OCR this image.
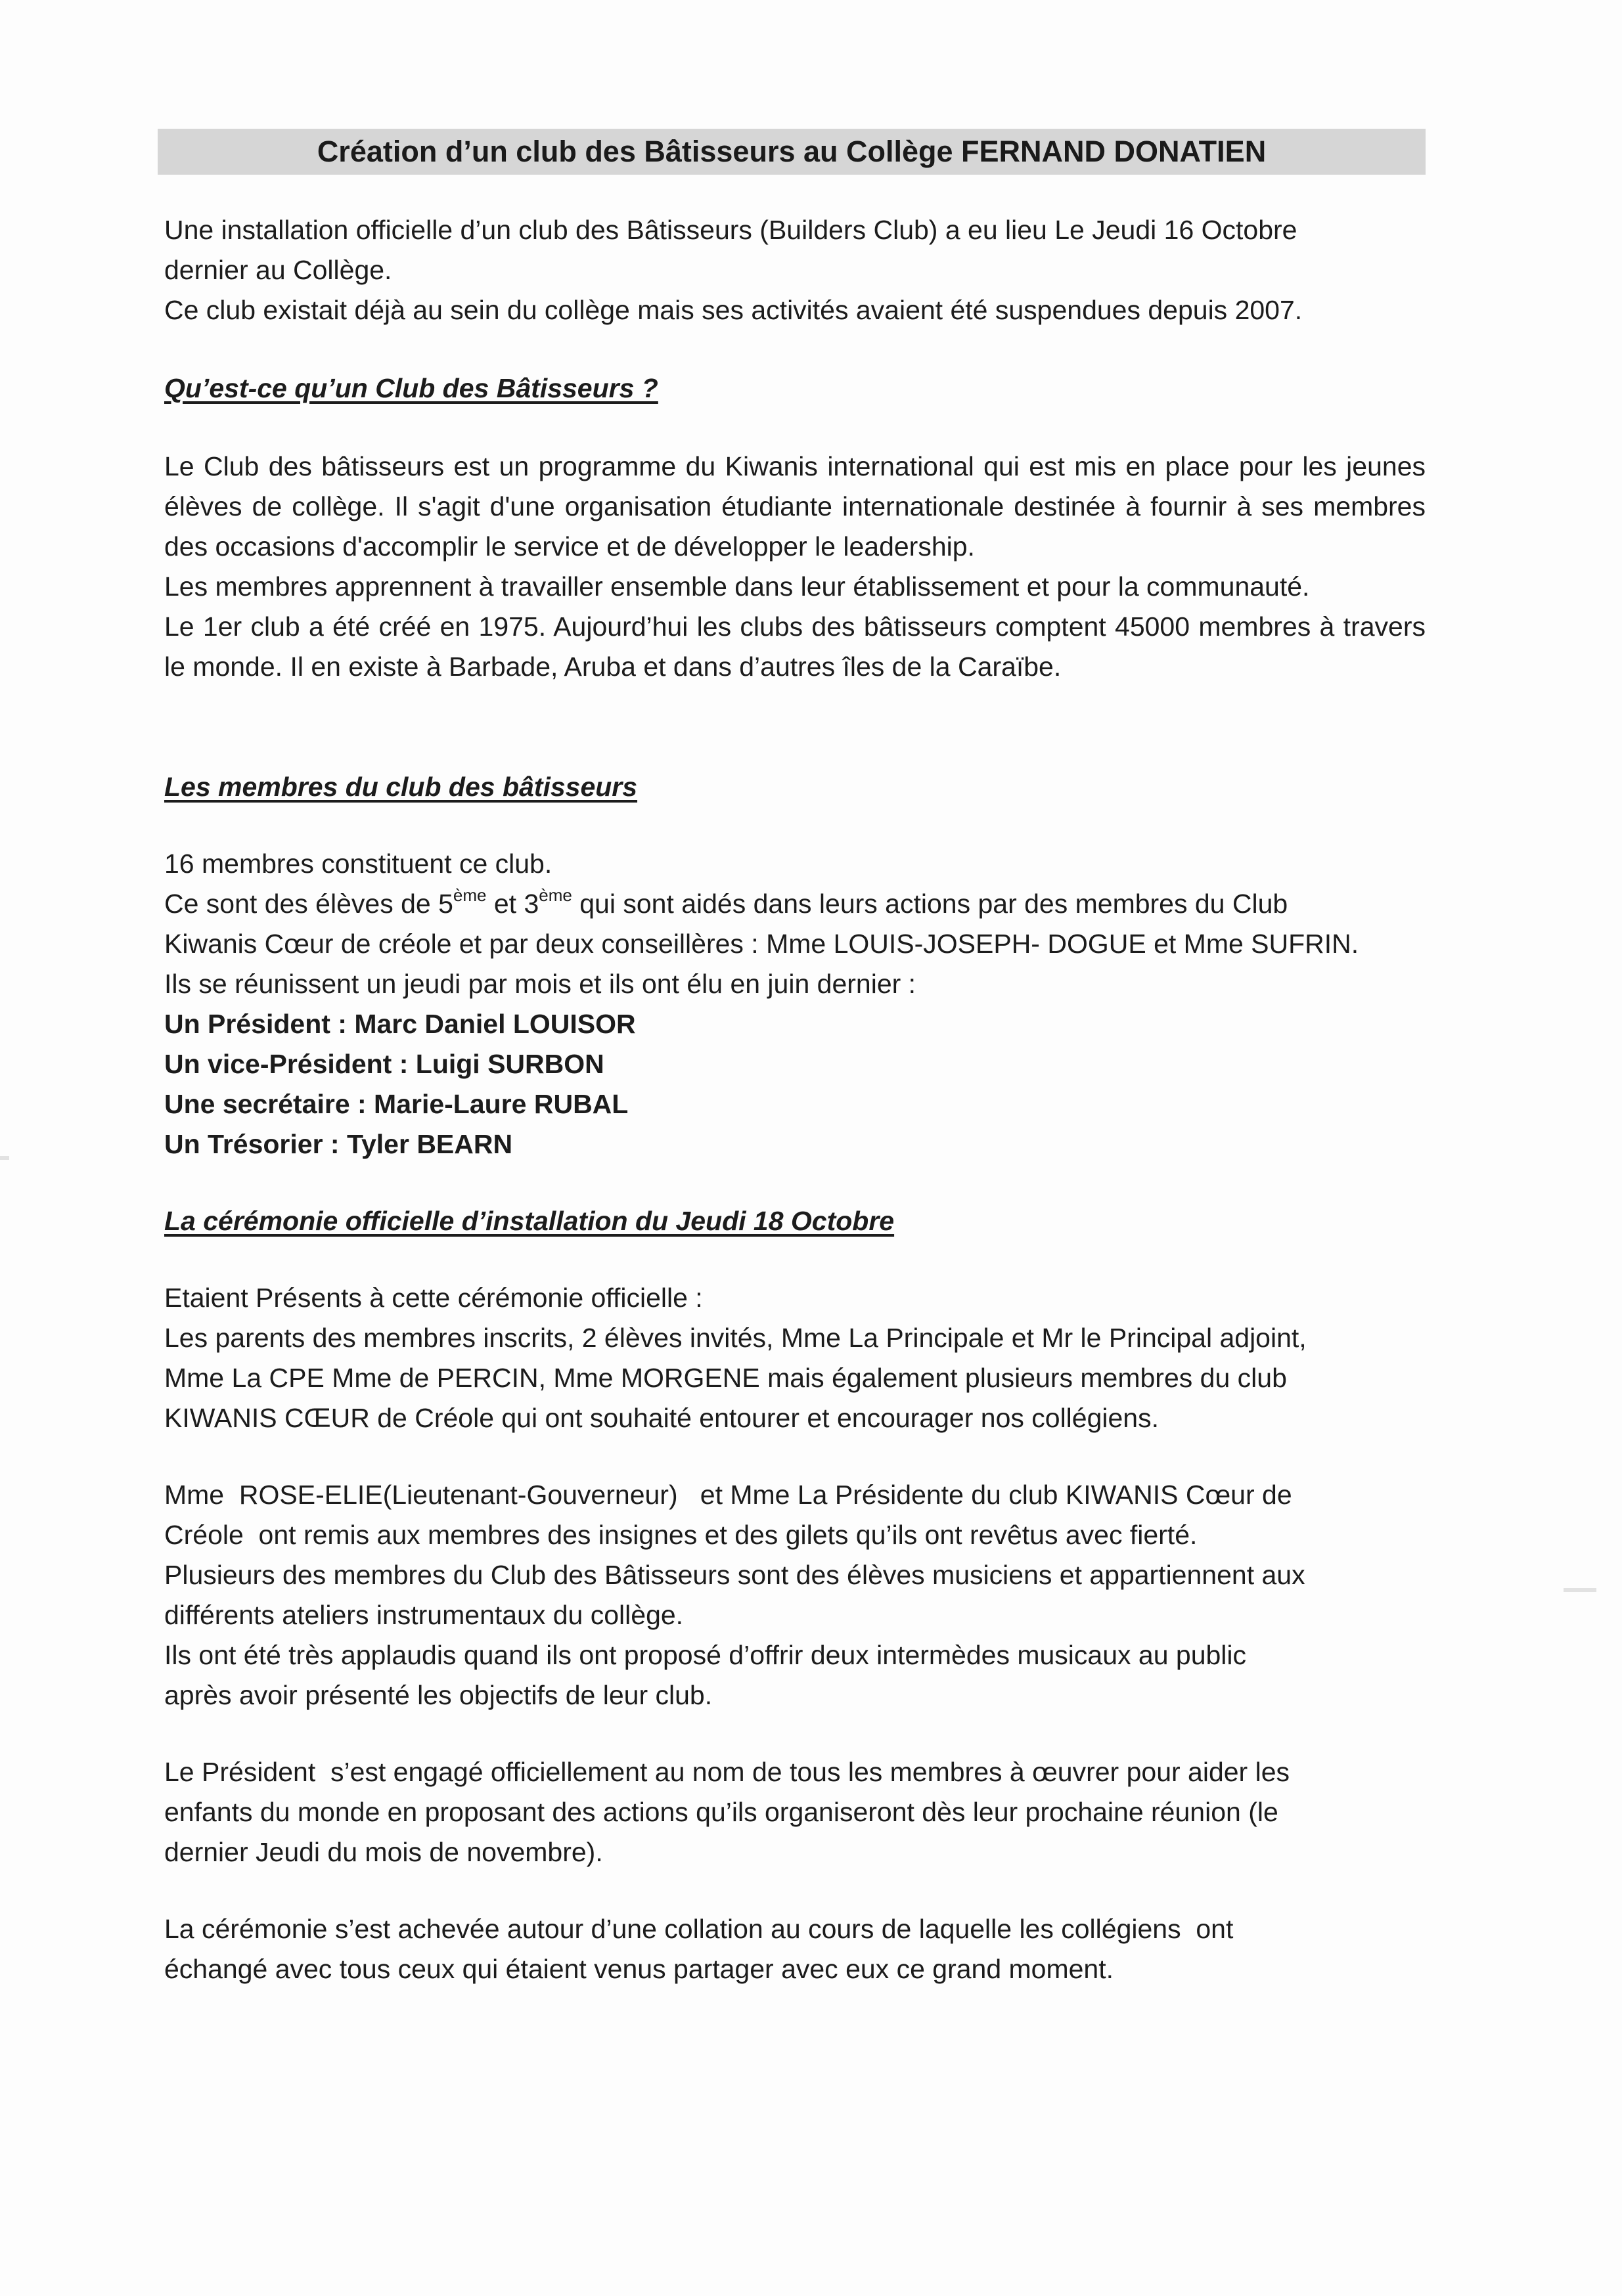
Création d’un club des Bâtisseurs au Collège FERNAND DONATIEN

Une installation officielle d’un club des Bâtisseurs (Builders Club) a eu lieu Le Jeudi 16 Octobre

dernier au Collège.

Ce club existait déjà au sein du collège mais ses activités avaient été suspendues depuis 2007.

Qu’est-ce qu’un Club des Bâtisseurs ?

Le Club des bâtisseurs est un programme du Kiwanis international qui est mis en place pour les jeunes élèves de collège. Il s'agit d'une organisation étudiante internationale destinée à fournir à ses membres des occasions d'accomplir le service et de développer le leadership.

Les membres apprennent à travailler ensemble dans leur établissement et pour la communauté.

Le 1er club a été créé en 1975. Aujourd’hui les clubs des bâtisseurs comptent 45000 membres à travers le monde. Il en existe à Barbade, Aruba et dans d’autres îles de la Caraïbe.

Les membres du club des bâtisseurs

16 membres constituent ce club.

Ce sont des élèves de 5ème et 3ème qui sont aidés dans leurs actions par des membres du Club

Kiwanis Cœur de créole et par deux conseillères : Mme LOUIS-JOSEPH- DOGUE et Mme SUFRIN.

Ils se réunissent un jeudi par mois et ils ont élu en juin dernier :

Un Président : Marc Daniel LOUISOR

Un vice-Président : Luigi SURBON

Une secrétaire : Marie-Laure RUBAL

Un Trésorier : Tyler BEARN

La cérémonie officielle d’installation du Jeudi 18 Octobre

Etaient Présents à cette cérémonie officielle :

Les parents des membres inscrits, 2 élèves invités, Mme La Principale et Mr le Principal adjoint,

Mme La CPE Mme de PERCIN, Mme MORGENE mais également plusieurs membres du club

KIWANIS CŒUR de Créole qui ont souhaité entourer et encourager nos collégiens.

Mme  ROSE-ELIE(Lieutenant-Gouverneur)   et Mme La Présidente du club KIWANIS Cœur de

Créole  ont remis aux membres des insignes et des gilets qu’ils ont revêtus avec fierté.

Plusieurs des membres du Club des Bâtisseurs sont des élèves musiciens et appartiennent aux

différents ateliers instrumentaux du collège.

Ils ont été très applaudis quand ils ont proposé d’offrir deux intermèdes musicaux au public

après avoir présenté les objectifs de leur club.

Le Président  s’est engagé officiellement au nom de tous les membres à œuvrer pour aider les

enfants du monde en proposant des actions qu’ils organiseront dès leur prochaine réunion (le

dernier Jeudi du mois de novembre).

La cérémonie s’est achevée autour d’une collation au cours de laquelle les collégiens  ont

échangé avec tous ceux qui étaient venus partager avec eux ce grand moment.
